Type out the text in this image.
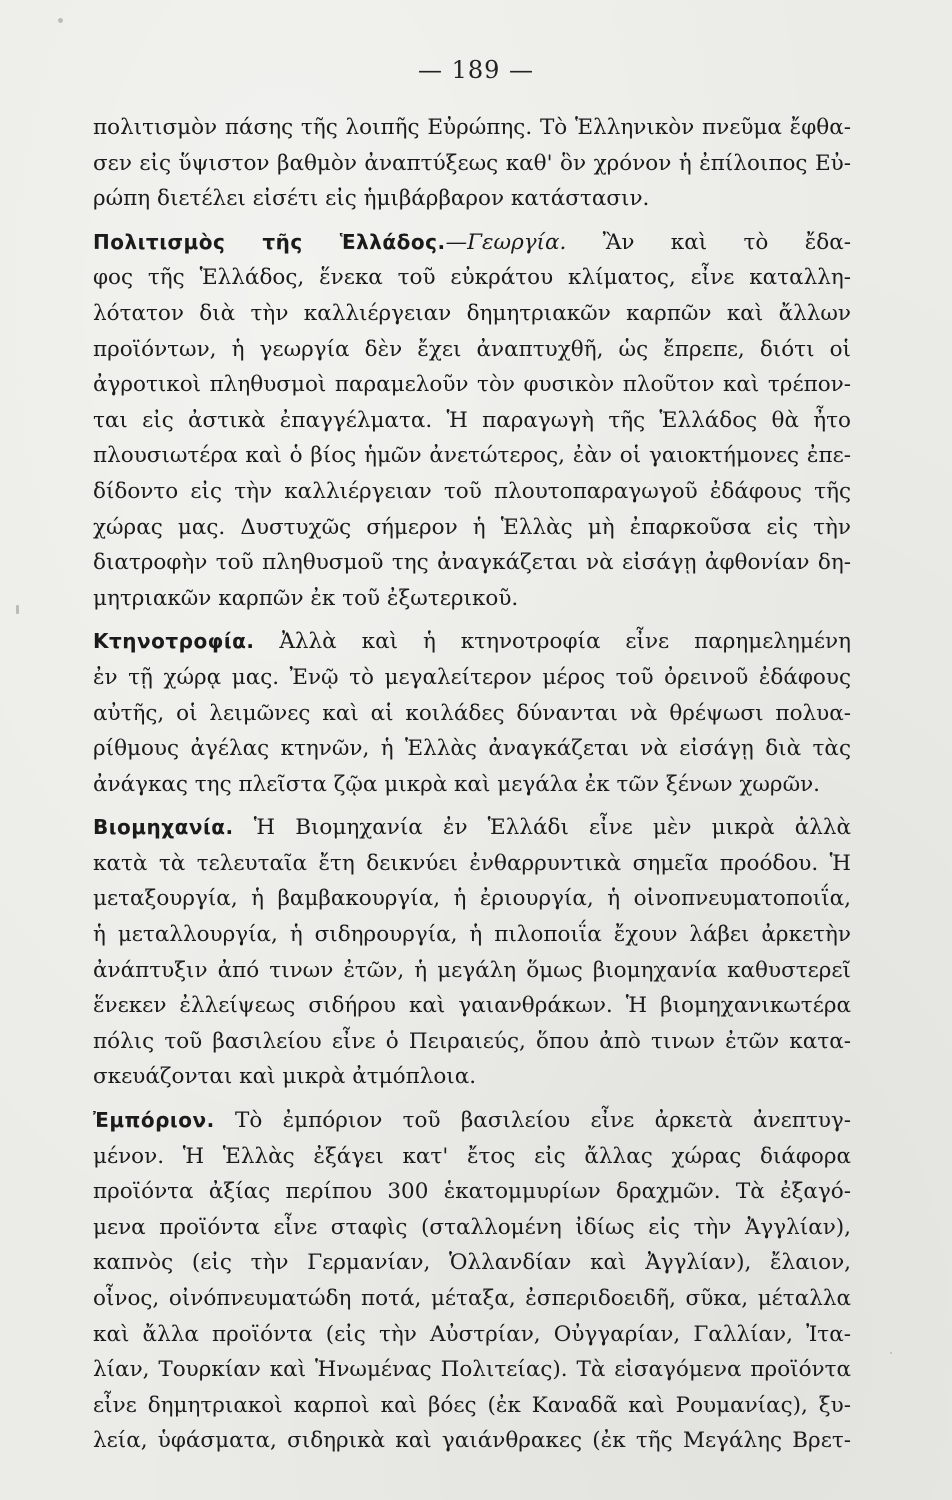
— 189 —
πολιτισμὸν πάσης τῆς λοιπῆς Εὐρώπης. Τὸ Ἑλληνικὸν πνεῦμα ἔφθα-
σεν εἰς ὕψιστον βαθμὸν ἀναπτύξεως καθ' ὃν χρόνον ἡ ἐπίλοιπος Εὐ-
ρώπη διετέλει εἰσέτι εἰς ἡμιβάρβαρον κατάστασιν.
Πολιτισμὸς τῆς Ἑλλάδος.—Γεωργία. Ἂν καὶ τὸ ἔδα-
φος τῆς Ἑλλάδος, ἕνεκα τοῦ εὐκράτου κλίματος, εἶνε καταλλη-
λότατον διὰ τὴν καλλιέργειαν δημητριακῶν καρπῶν καὶ ἄλλων
προϊόντων, ἡ γεωργία δὲν ἔχει ἀναπτυχθῆ, ὡς ἔπρεπε, διότι οἱ
ἀγροτικοὶ πληθυσμοὶ παραμελοῦν τὸν φυσικὸν πλοῦτον καὶ τρέπον-
ται εἰς ἀστικὰ ἐπαγγέλματα. Ἡ παραγωγὴ τῆς Ἑλλάδος θὰ ἦτο
πλουσιωτέρα καὶ ὁ βίος ἡμῶν ἀνετώτερος, ἐὰν οἱ γαιοκτήμονες ἐπε-
δίδοντο εἰς τὴν καλλιέργειαν τοῦ πλουτοπαραγωγοῦ ἐδάφους τῆς
χώρας μας. Δυστυχῶς σήμερον ἡ Ἑλλὰς μὴ ἐπαρκοῦσα εἰς τὴν
διατροφὴν τοῦ πληθυσμοῦ της ἀναγκάζεται νὰ εἰσάγῃ ἀφθονίαν δη-
μητριακῶν καρπῶν ἐκ τοῦ ἐξωτερικοῦ.
Κτηνοτροφία. Ἀλλὰ καὶ ἡ κτηνοτροφία εἶνε παρημελημένη
ἐν τῇ χώρᾳ μας. Ἐνῷ τὸ μεγαλείτερον μέρος τοῦ ὀρεινοῦ ἐδάφους
αὐτῆς, οἱ λειμῶνες καὶ αἱ κοιλάδες δύνανται νὰ θρέψωσι πολυα-
ρίθμους ἀγέλας κτηνῶν, ἡ Ἑλλὰς ἀναγκάζεται νὰ εἰσάγῃ διὰ τὰς
ἀνάγκας της πλεῖστα ζῷα μικρὰ καὶ μεγάλα ἐκ τῶν ξένων χωρῶν.
Βιομηχανία. Ἡ Βιομηχανία ἐν Ἑλλάδι εἶνε μὲν μικρὰ ἀλλὰ
κατὰ τὰ τελευταῖα ἔτη δεικνύει ἐνθαρρυντικὰ σημεῖα προόδου. Ἡ
μεταξουργία, ἡ βαμβακουργία, ἡ ἐριουργία, ἡ οἰνοπνευματοποιΐα,
ἡ μεταλλουργία, ἡ σιδηρουργία, ἡ πιλοποιΐα ἔχουν λάβει ἀρκετὴν
ἀνάπτυξιν ἀπό τινων ἐτῶν, ἡ μεγάλη ὅμως βιομηχανία καθυστερεῖ
ἕνεκεν ἐλλείψεως σιδήρου καὶ γαιανθράκων. Ἡ βιομηχανικωτέρα
πόλις τοῦ βασιλείου εἶνε ὁ Πειραιεύς, ὅπου ἀπὸ τινων ἐτῶν κατα-
σκευάζονται καὶ μικρὰ ἀτμόπλοια.
Ἐμπόριον. Τὸ ἐμπόριον τοῦ βασιλείου εἶνε ἀρκετὰ ἀνεπτυγ-
μένον. Ἡ Ἑλλὰς ἐξάγει κατ' ἔτος εἰς ἄλλας χώρας διάφορα
προϊόντα ἀξίας περίπου 300 ἑκατομμυρίων δραχμῶν. Τὰ ἐξαγό-
μενα προϊόντα εἶνε σταφὶς (σταλλομένη ἰδίως εἰς τὴν Ἀγγλίαν),
καπνὸς (εἰς τὴν Γερμανίαν, Ὁλλανδίαν καὶ Ἀγγλίαν), ἔλαιον,
οἶνος, οἰνόπνευματώδη ποτά, μέταξα, ἐσπεριδοειδῆ, σῦκα, μέταλλα
καὶ ἄλλα προϊόντα (εἰς τὴν Αὐστρίαν, Οὐγγαρίαν, Γαλλίαν, Ἰτα-
λίαν, Τουρκίαν καὶ Ἡνωμένας Πολιτείας). Τὰ εἰσαγόμενα προϊόντα
εἶνε δημητριακοὶ καρποὶ καὶ βόες (ἐκ Καναδᾶ καὶ Ρουμανίας), ξυ-
λεία, ὑφάσματα, σιδηρικὰ καὶ γαιάνθρακες (ἐκ τῆς Μεγάλης Βρετ-
